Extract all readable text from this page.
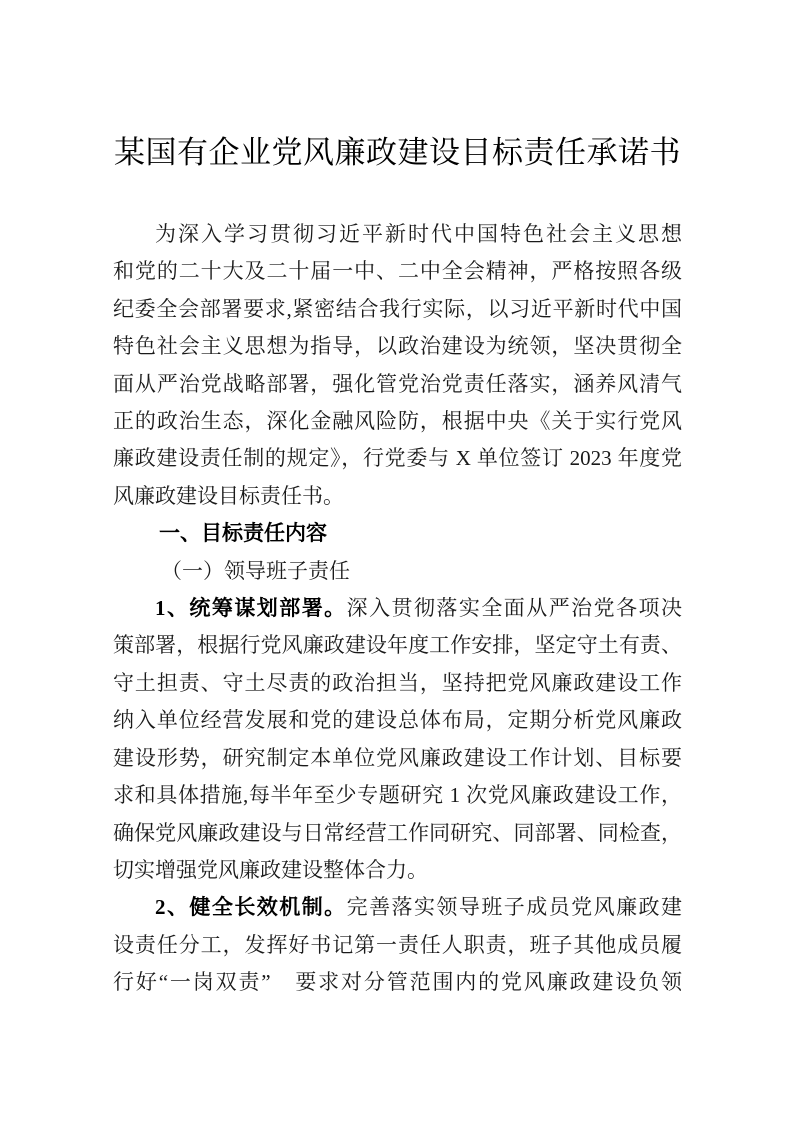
某国有企业党风廉政建设目标责任承诺书
为深入学习贯彻习近平新时代中国特色社会主义思想
和党的二十大及二十届一中、二中全会精神，严格按照各级
纪委全会部署要求,紧密结合我行实际，以习近平新时代中国
特色社会主义思想为指导，以政治建设为统领，坚决贯彻全
面从严治党战略部署，强化管党治党责任落实，涵养风清气
正的政治生态，深化金融风险防，根据中央《关于实行党风
廉政建设责任制的规定》，行党委与 X 单位签订 2023 年度党
风廉政建设目标责任书。
一、目标责任内容
（一）领导班子责任
1、统筹谋划部署。深入贯彻落实全面从严治党各项决
策部署，根据行党风廉政建设年度工作安排，坚定守土有责、
守土担责、守土尽责的政治担当，坚持把党风廉政建设工作
纳入单位经营发展和党的建设总体布局，定期分析党风廉政
建设形势，研究制定本单位党风廉政建设工作计划、目标要
求和具体措施,每半年至少专题研究 1 次党风廉政建设工作，
确保党风廉政建设与日常经营工作同研究、同部署、同检查，
切实增强党风廉政建设整体合力。
2、健全长效机制。完善落实领导班子成员党风廉政建
设责任分工，发挥好书记第一责任人职责，班子其他成员履
行好“一岗双责”　要求对分管范围内的党风廉政建设负领
